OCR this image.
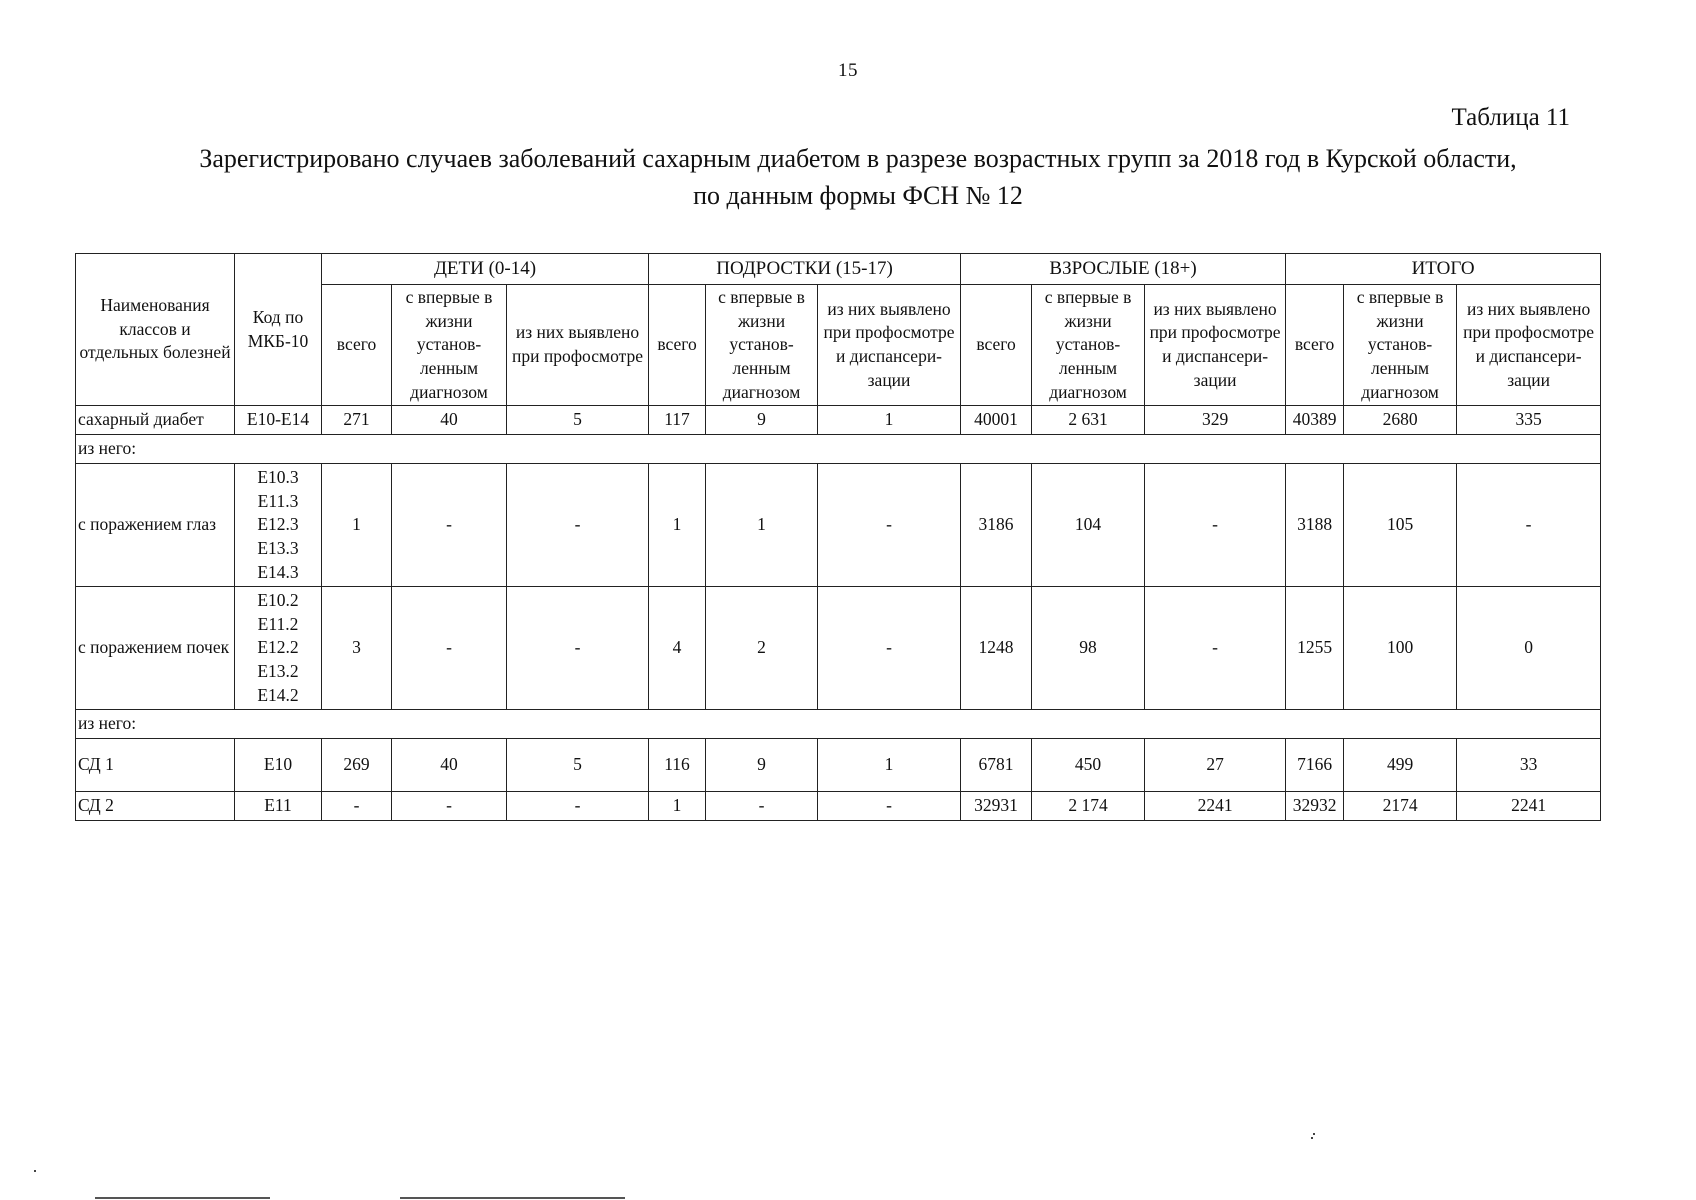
15
Таблица 11
Зарегистрировано случаев заболеваний сахарным диабетом в разрезе возрастных групп за 2018 год в Курской области,
по данным формы ФСН № 12
Наименования классов и отдельных болезней	Код по МКБ-10	ДЕТИ (0-14)			ПОДРОСТКИ (15-17)			ВЗРОСЛЫЕ (18+)			ИТОГО		
		всего	с впервые в жизни установ-ленным диагнозом	из них выявлено при профосмотре	всего	с впервые в жизни установ-ленным диагнозом	из них выявлено при профосмотре и диспансери-зации	всего	с впервые в жизни установ-ленным диагнозом	из них выявлено при профосмотре и диспансери-зации	всего	с впервые в жизни установ-ленным диагнозом	из них выявлено при профосмотре и диспансери-зации
сахарный диабет	Е10-Е14	271	40	5	117	9	1	40001	2 631	329	40389	2680	335
из него:													
с поражением глаз	Е10.3
Е11.3
Е12.3
Е13.3
Е14.3	1	-	-	1	1	-	3186	104	-	3188	105	-
с поражением почек	Е10.2
Е11.2
Е12.2
Е13.2
Е14.2	3	-	-	4	2	-	1248	98	-	1255	100	0
из него:													
СД 1	Е10	269	40	5	116	9	1	6781	450	27	7166	499	33
СД 2	Е11	-	-	-	1	-	-	32931	2 174	2241	32932	2174	2241
